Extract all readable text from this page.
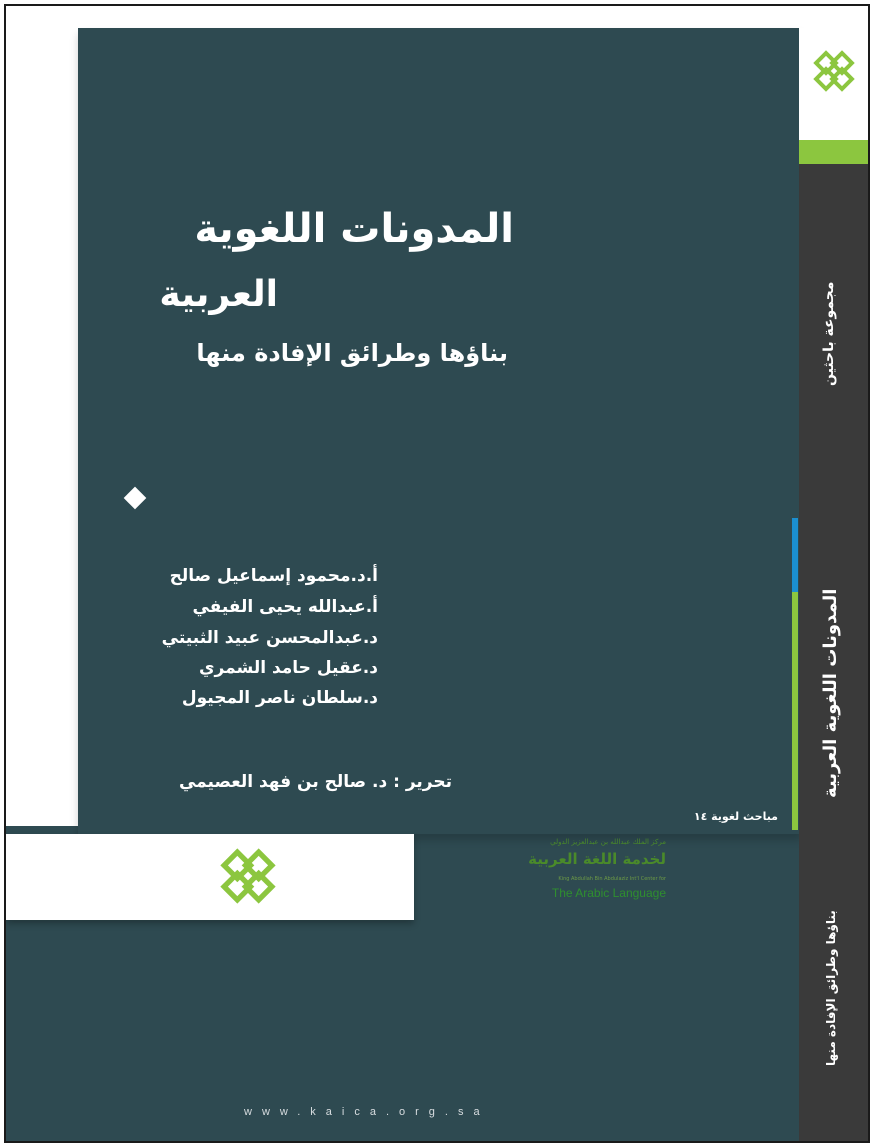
المدونات اللغوية
العربية
بناؤها وطرائق الإفادة منها
أ.د.محمود إسماعيل صالح
أ.عبدالله يحيى الفيفي
د.عبدالمحسن عبيد الثبيتي
د.عقيل حامد الشمري
د.سلطان ناصر المجيول
تحرير : د. صالح بن فهد العصيمي
مباحث لغوية ١٤
مركز الملك عبدالله بن عبدالعزيز الدولي
لخدمة اللغة العربية
King Abdullah Bin Abdulaziz Int'l Center for
The Arabic Language
www.kaica.org.sa
مجموعة باحثين
المدونات اللغوية العربية
بناؤها وطرائق الإفادة منها
